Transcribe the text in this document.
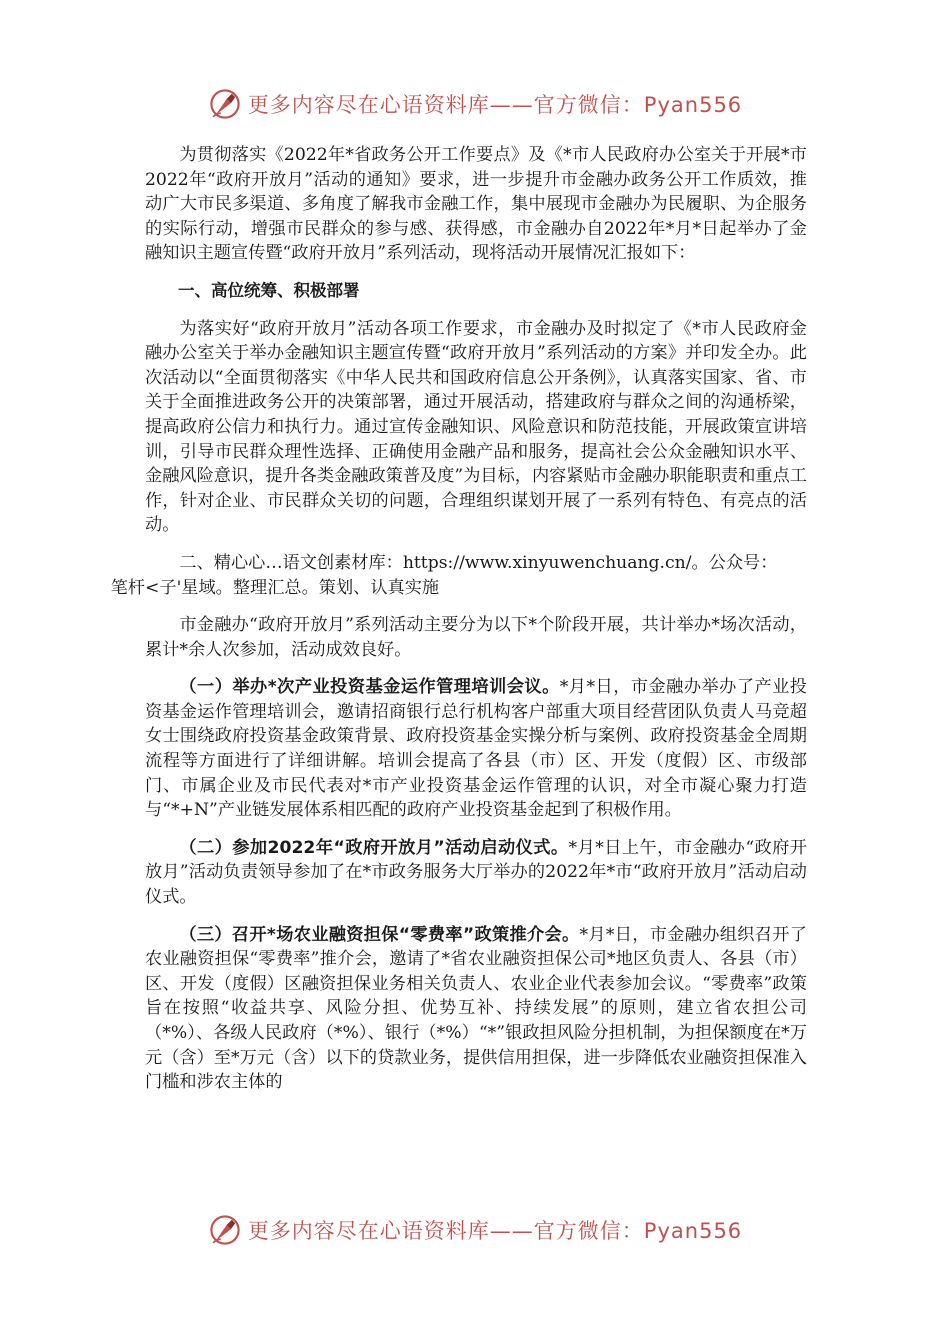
更多内容尽在心语资料库——官方微信：Pyan556

为贯彻落实《2022年*省政务公开工作要点》及《*市人民政府办公室关于开展*市2022年“政府开放月”活动的通知》要求，进一步提升市金融办政务公开工作质效，推动广大市民多渠道、多角度了解我市金融工作，集中展现市金融办为民履职、为企服务的实际行动，增强市民群众的参与感、获得感，市金融办自2022年*月*日起举办了金融知识主题宣传暨“政府开放月”系列活动，现将活动开展情况汇报如下：

一、高位统筹、积极部署

为落实好“政府开放月”活动各项工作要求，市金融办及时拟定了《*市人民政府金融办公室关于举办金融知识主题宣传暨“政府开放月”系列活动的方案》并印发全办。此次活动以“全面贯彻落实《中华人民共和国政府信息公开条例》，认真落实国家、省、市关于全面推进政务公开的决策部署，通过开展活动，搭建政府与群众之间的沟通桥梁，提高政府公信力和执行力。通过宣传金融知识、风险意识和防范技能，开展政策宣讲培训，引导市民群众理性选择、正确使用金融产品和服务，提高社会公众金融知识水平、金融风险意识，提升各类金融政策普及度”为目标，内容紧贴市金融办职能职责和重点工作，针对企业、市民群众关切的问题，合理组织谋划开展了一系列有特色、有亮点的活动。

二、精心心…语文创素材库：https://www.xinyuwenchuang.cn/。公众号：
笔杆<子'星域。整理汇总。策划、认真实施

市金融办“政府开放月”系列活动主要分为以下*个阶段开展，共计举办*场次活动，累计*余人次参加，活动成效良好。

（一）举办*次产业投资基金运作管理培训会议。*月*日，市金融办举办了产业投资基金运作管理培训会，邀请招商银行总行机构客户部重大项目经营团队负责人马竞超女士围绕政府投资基金政策背景、政府投资基金实操分析与案例、政府投资基金全周期流程等方面进行了详细讲解。培训会提高了各县（市）区、开发（度假）区、市级部门、市属企业及市民代表对*市产业投资基金运作管理的认识，对全市凝心聚力打造与“*+N”产业链发展体系相匹配的政府产业投资基金起到了积极作用。

（二）参加2022年“政府开放月”活动启动仪式。*月*日上午，市金融办“政府开放月”活动负责领导参加了在*市政务服务大厅举办的2022年*市“政府开放月”活动启动仪式。

（三）召开*场农业融资担保“零费率”政策推介会。*月*日，市金融办组织召开了农业融资担保“零费率”推介会，邀请了*省农业融资担保公司*地区负责人、各县（市）区、开发（度假）区融资担保业务相关负责人、农业企业代表参加会议。“零费率”政策旨在按照“收益共享、风险分担、优势互补、持续发展”的原则，建立省农担公司（*%）、各级人民政府（*%）、银行（*%）“*”银政担风险分担机制，为担保额度在*万元（含）至*万元（含）以下的贷款业务，提供信用担保，进一步降低农业融资担保准入门槛和涉农主体的

更多内容尽在心语资料库——官方微信：Pyan556
